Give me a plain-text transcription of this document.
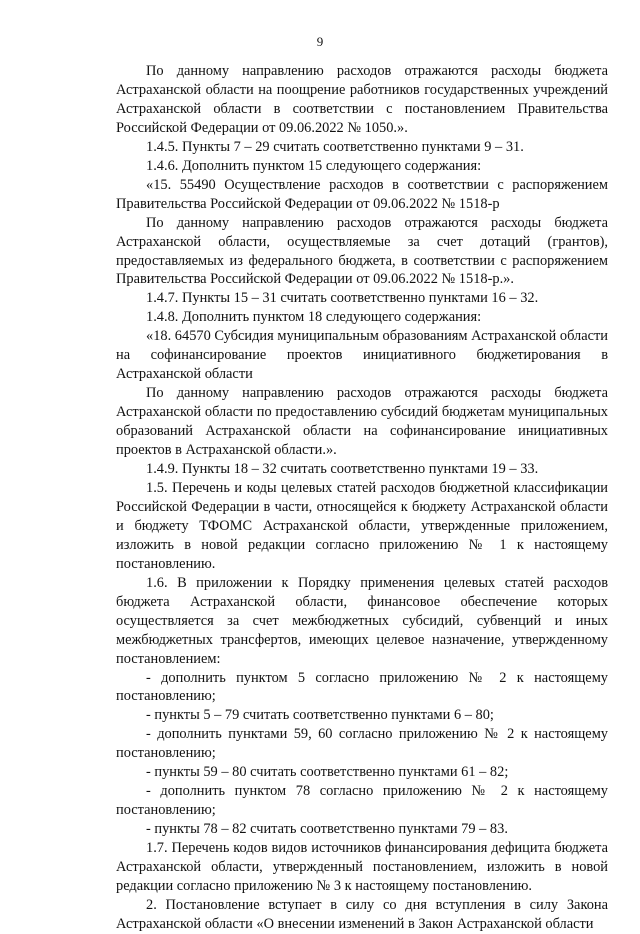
9

По данному направлению расходов отражаются расходы бюджета Астраханской области на поощрение работников государственных учреждений Астраханской области в соответствии с постановлением Правительства Российской Федерации от 09.06.2022 № 1050.».

1.4.5. Пункты 7 – 29 считать соответственно пунктами 9 – 31.

1.4.6. Дополнить пунктом 15 следующего содержания:

«15. 55490 Осуществление расходов в соответствии с распоряжением Правительства Российской Федерации от 09.06.2022 № 1518-р

По данному направлению расходов отражаются расходы бюджета Астраханской области, осуществляемые за счет дотаций (грантов), предоставляемых из федерального бюджета, в соответствии с распоряжением Правительства Российской Федерации от 09.06.2022 № 1518-р.».

1.4.7. Пункты 15 – 31 считать соответственно пунктами 16 – 32.

1.4.8. Дополнить пунктом 18 следующего содержания:

«18. 64570 Субсидия муниципальным образованиям Астраханской области на софинансирование проектов инициативного бюджетирования в Астраханской области

По данному направлению расходов отражаются расходы бюджета Астраханской области по предоставлению субсидий бюджетам муниципальных образований Астраханской области на софинансирование инициативных проектов в Астраханской области.».

1.4.9. Пункты 18 – 32 считать соответственно пунктами 19 – 33.

1.5. Перечень и коды целевых статей расходов бюджетной классификации Российской Федерации в части, относящейся к бюджету Астраханской области и бюджету ТФОМС Астраханской области, утвержденные приложением, изложить в новой редакции согласно приложению № 1 к настоящему постановлению.

1.6. В приложении к Порядку применения целевых статей расходов бюджета Астраханской области, финансовое обеспечение которых осуществляется за счет межбюджетных субсидий, субвенций и иных межбюджетных трансфертов, имеющих целевое назначение, утвержденному постановлением:

- дополнить пунктом 5 согласно приложению № 2 к настоящему постановлению;

- пункты 5 – 79 считать соответственно пунктами 6 – 80;

- дополнить пунктами 59, 60 согласно приложению № 2 к настоящему постановлению;

- пункты 59 – 80 считать соответственно пунктами 61 – 82;

- дополнить пунктом 78 согласно приложению № 2 к настоящему постановлению;

- пункты 78 – 82 считать соответственно пунктами 79 – 83.

1.7. Перечень кодов видов источников финансирования дефицита бюджета Астраханской области, утвержденный постановлением, изложить в новой редакции согласно приложению № 3 к настоящему постановлению.

2. Постановление вступает в силу со дня вступления в силу Закона Астраханской области «О внесении изменений в Закон Астраханской области
